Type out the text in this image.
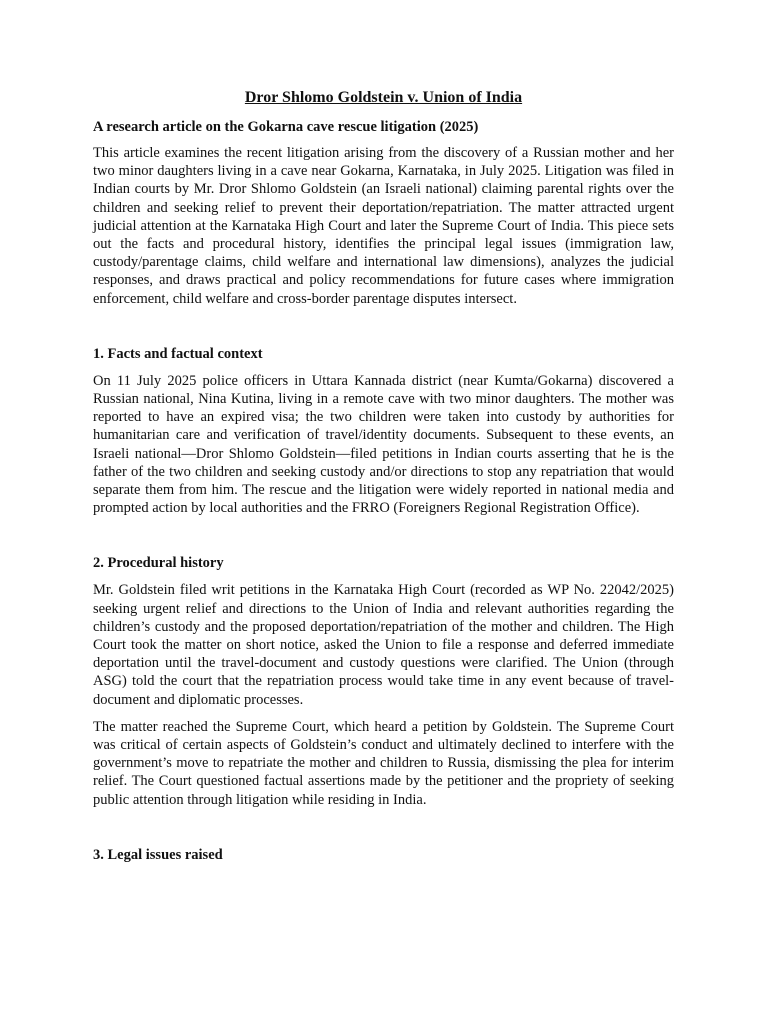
Dror Shlomo Goldstein v. Union of India
A research article on the Gokarna cave rescue litigation (2025)

This article examines the recent litigation arising from the discovery of a Russian mother and her two minor daughters living in a cave near Gokarna, Karnataka, in July 2025. Litigation was filed in Indian courts by Mr. Dror Shlomo Goldstein (an Israeli national) claiming parental rights over the children and seeking relief to prevent their deportation/repatriation. The matter attracted urgent judicial attention at the Karnataka High Court and later the Supreme Court of India. This piece sets out the facts and procedural history, identifies the principal legal issues (immigration law, custody/parentage claims, child welfare and international law dimensions), analyzes the judicial responses, and draws practical and policy recommendations for future cases where immigration enforcement, child welfare and cross-border parentage disputes intersect.

1. Facts and factual context

On 11 July 2025 police officers in Uttara Kannada district (near Kumta/Gokarna) discovered a Russian national, Nina Kutina, living in a remote cave with two minor daughters. The mother was reported to have an expired visa; the two children were taken into custody by authorities for humanitarian care and verification of travel/identity documents. Subsequent to these events, an Israeli national—Dror Shlomo Goldstein—filed petitions in Indian courts asserting that he is the father of the two children and seeking custody and/or directions to stop any repatriation that would separate them from him. The rescue and the litigation were widely reported in national media and prompted action by local authorities and the FRRO (Foreigners Regional Registration Office).

2. Procedural history

Mr. Goldstein filed writ petitions in the Karnataka High Court (recorded as WP No. 22042/2025) seeking urgent relief and directions to the Union of India and relevant authorities regarding the children’s custody and the proposed deportation/repatriation of the mother and children. The High Court took the matter on short notice, asked the Union to file a response and deferred immediate deportation until the travel-document and custody questions were clarified. The Union (through ASG) told the court that the repatriation process would take time in any event because of travel-document and diplomatic processes.

The matter reached the Supreme Court, which heard a petition by Goldstein. The Supreme Court was critical of certain aspects of Goldstein’s conduct and ultimately declined to interfere with the government’s move to repatriate the mother and children to Russia, dismissing the plea for interim relief. The Court questioned factual assertions made by the petitioner and the propriety of seeking public attention through litigation while residing in India.

3. Legal issues raised
